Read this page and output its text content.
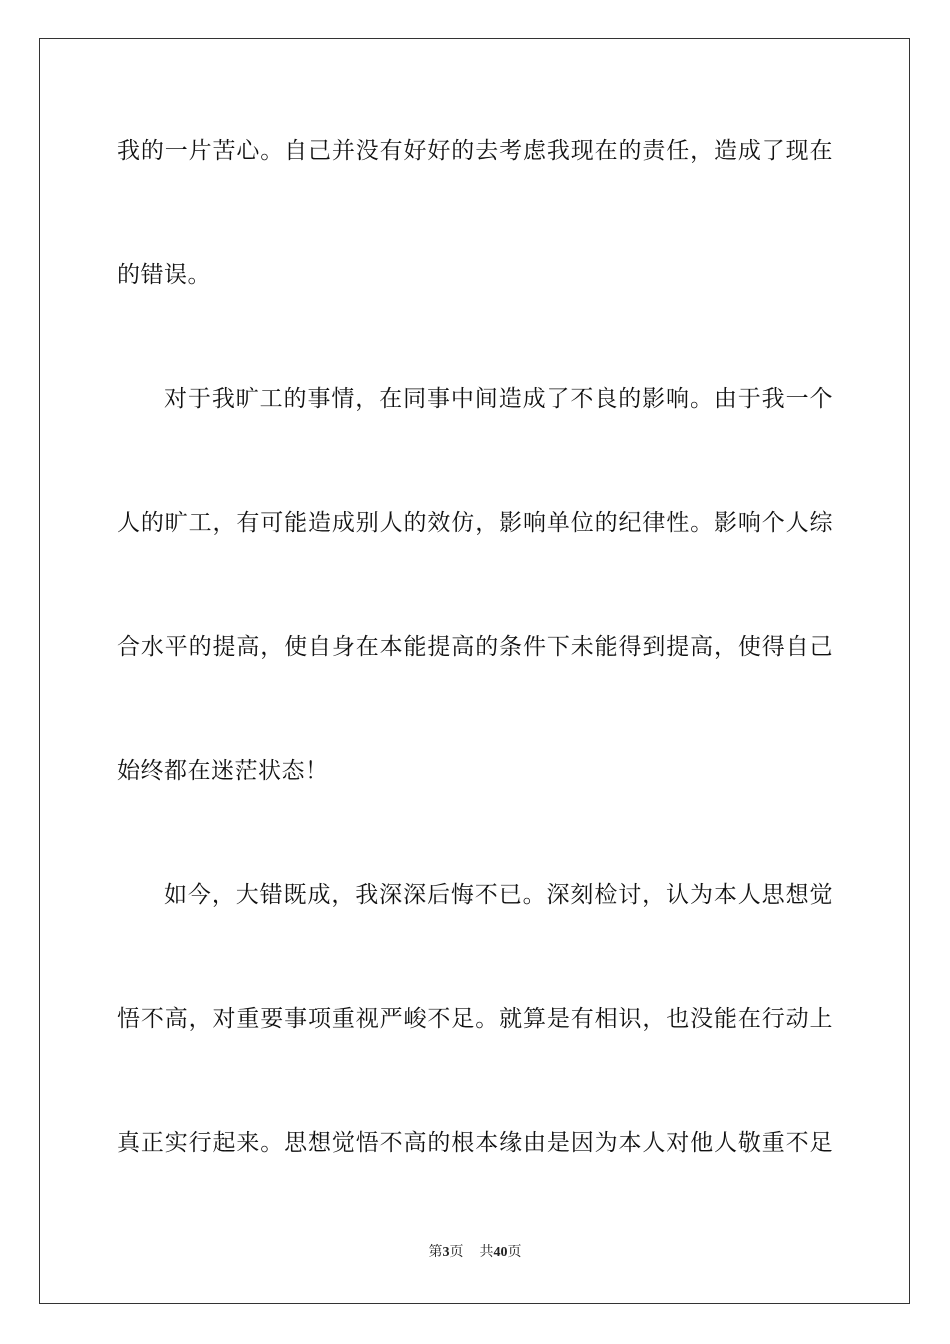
我的一片苦心。自己并没有好好的去考虑我现在的责任，造成了现在
的错误。
对于我旷工的事情，在同事中间造成了不良的影响。由于我一个
人的旷工，有可能造成别人的效仿，影响单位的纪律性。影响个人综
合水平的提高，使自身在本能提高的条件下未能得到提高，使得自己
始终都在迷茫状态！
如今，大错既成，我深深后悔不已。深刻检讨，认为本人思想觉
悟不高，对重要事项重视严峻不足。就算是有相识，也没能在行动上
真正实行起来。思想觉悟不高的根本缘由是因为本人对他人敬重不足
第3页 共40页
